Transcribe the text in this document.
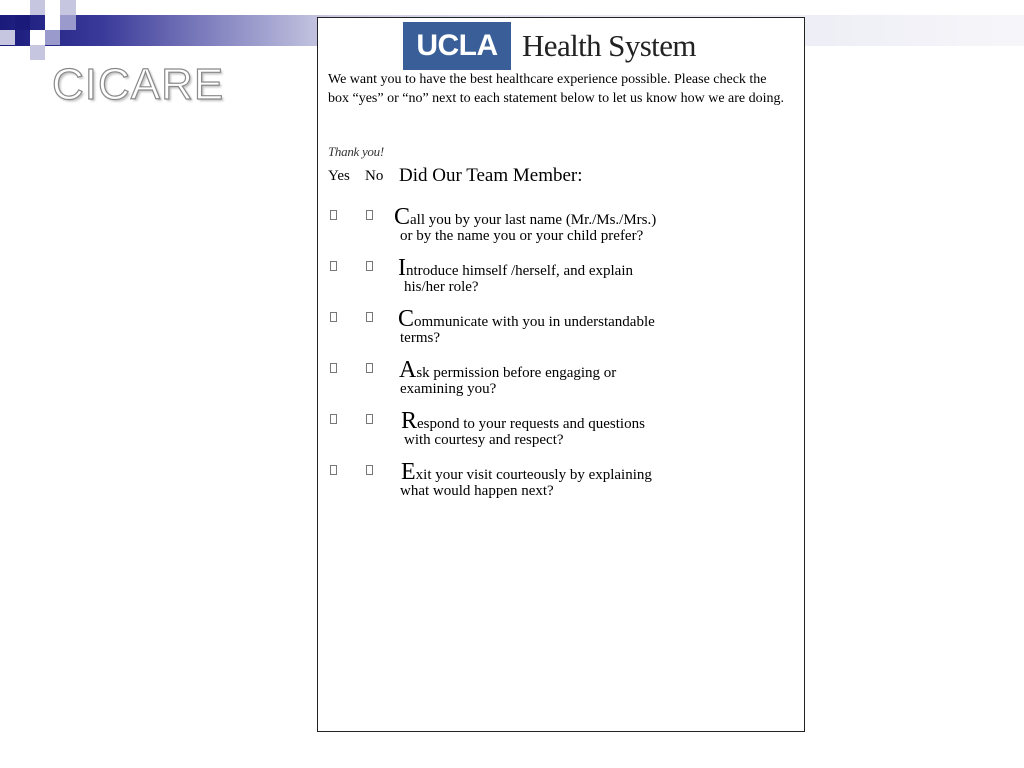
CICARE
UCLA Health System
We want you to have the best healthcare experience possible. Please check the box “yes” or “no” next to each statement below to let us know how we are doing.
Thank you!
Yes No Did Our Team Member:
Call you by your last name (Mr./Ms./Mrs.)
or by the name you or your child prefer?
Introduce himself /herself, and explain
his/her role?
Communicate with you in understandable
terms?
Ask permission before engaging or
examining you?
Respond to your requests and questions
with courtesy and respect?
Exit your visit courteously by explaining
what would happen next?
